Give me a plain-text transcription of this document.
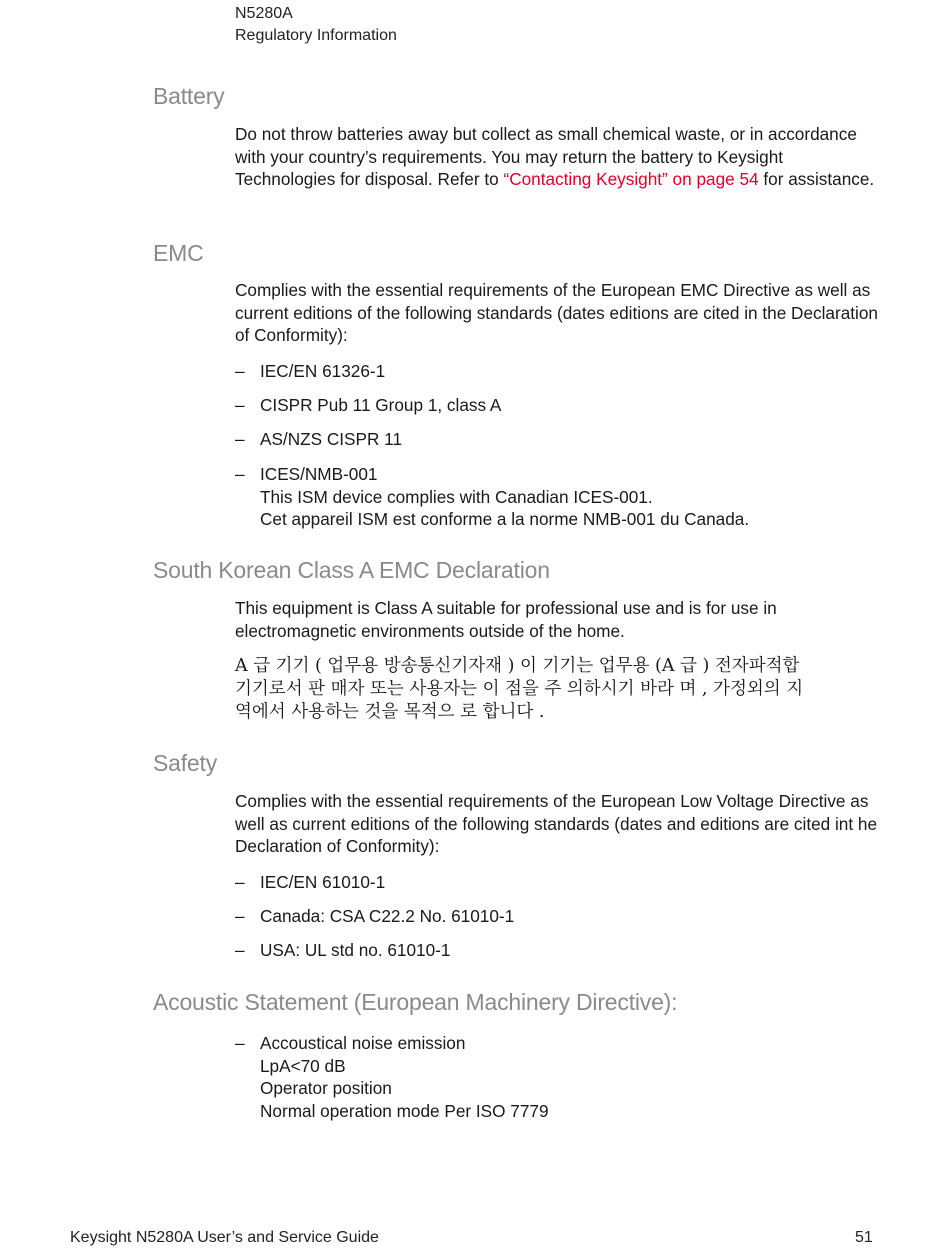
N5280A
Regulatory Information
Battery
Do not throw batteries away but collect as small chemical waste, or in accordance with your country’s requirements. You may return the battery to Keysight Technologies for disposal. Refer to “Contacting Keysight” on page 54 for assistance.
EMC
Complies with the essential requirements of the European EMC Directive as well as current editions of the following standards (dates editions are cited in the Declaration of Conformity):
– IEC/EN 61326-1
– CISPR Pub 11 Group 1, class A
– AS/NZS CISPR 11
– ICES/NMB-001
This ISM device complies with Canadian ICES-001.
Cet appareil ISM est conforme a la norme NMB-001 du Canada.
South Korean Class A EMC Declaration
This equipment is Class A suitable for professional use and is for use in electromagnetic environments outside of the home.
A 급 기기 ( 업무용 방송통신기자재 ) 이 기기는 업무용 (A 급 ) 전자파적합
기기로서 판 매자 또는 사용자는 이 점을 주 의하시기 바라 며 , 가정외의 지
역에서 사용하는 것을 목적으 로 합니다 .
Safety
Complies with the essential requirements of the European Low Voltage Directive as well as current editions of the following standards (dates and editions are cited int he Declaration of Conformity):
– IEC/EN 61010-1
– Canada: CSA C22.2 No. 61010-1
– USA: UL std no. 61010-1
Acoustic Statement (European Machinery Directive):
– Accoustical noise emission
LpA<70 dB
Operator position
Normal operation mode Per ISO 7779
Keysight N5280A User’s and Service Guide	51
